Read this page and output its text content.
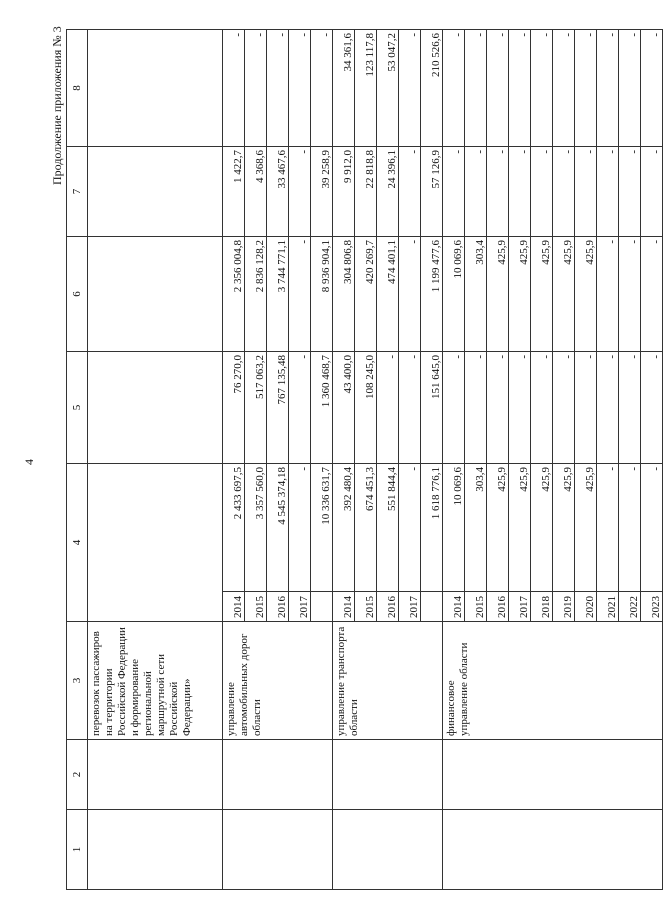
4
Продолжение приложения № 3
1	2	3	4		5	6	7	8
		перевозок пассажиров на территории Российской Федерации и формирование региональной маршрутной сети Российской Федерации»						
		управление автомобильных дорог области	2014	2 433 697,5	76 270,0	2 356 004,8	1 422,7	-
			2015	3 357 560,0	517 063,2	2 836 128,2	4 368,6	-
			2016	4 545 374,18	767 135,48	3 744 771,1	33 467,6	-
			2017	-	-	-	-	-
				10 336 631,7	1 360 468,7	8 936 904,1	39 258,9	-
		управление транспорта области	2014	392 480,4	43 400,0	304 806,8	9 912,0	34 361,6
			2015	674 451,3	108 245,0	420 269,7	22 818,8	123 117,8
			2016	551 844,4	-	474 401,1	24 396,1	53 047,2
			2017	-	-	-	-	-
				1 618 776,1	151 645,0	1 199 477,6	57 126,9	210 526,6
		финансовое управление области	2014	10 069,6	-	10 069,6	-	-
			2015	303,4	-	303,4	-	-
			2016	425,9	-	425,9	-	-
			2017	425,9	-	425,9	-	-
			2018	425,9	-	425,9	-	-
			2019	425,9	-	425,9	-	-
			2020	425,9	-	425,9	-	-
			2021	-	-	-	-	-
			2022	-	-	-	-	-
			2023	-	-	-	-	-
